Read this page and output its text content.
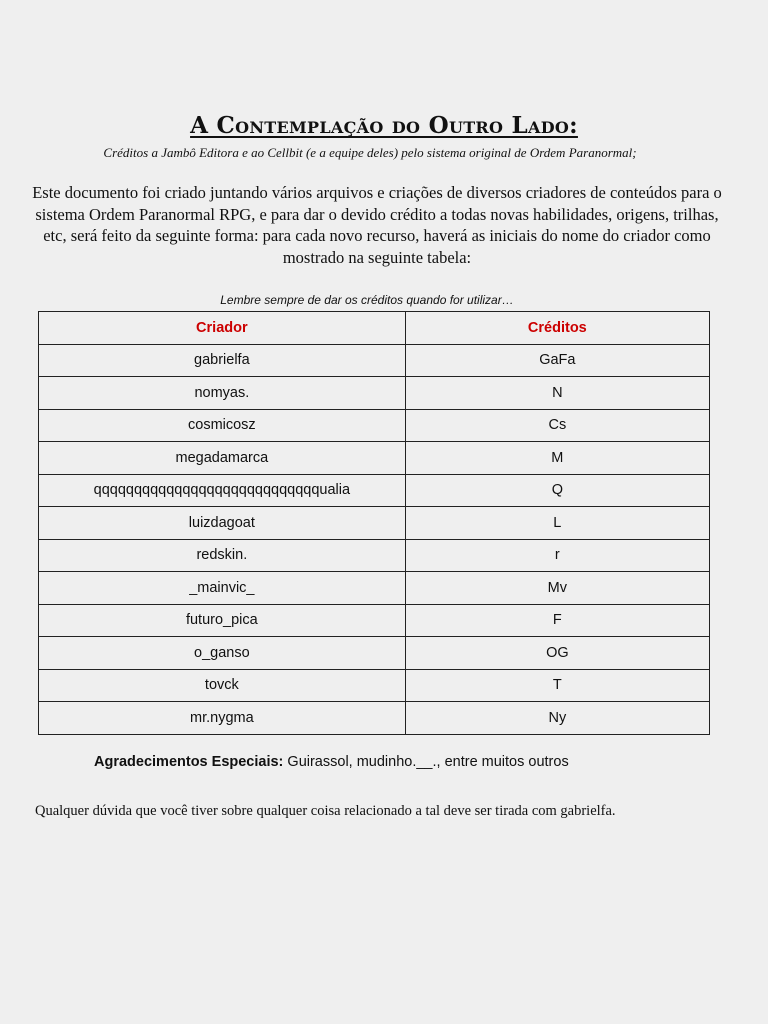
A Contemplação do Outro Lado:
Créditos a Jambô Editora e ao Cellbit (e a equipe deles) pelo sistema original de Ordem Paranormal;
Este documento foi criado juntando vários arquivos e criações de diversos criadores de conteúdos para o sistema Ordem Paranormal RPG, e para dar o devido crédito a todas novas habilidades, origens, trilhas, etc, será feito da seguinte forma: para cada novo recurso, haverá as iniciais do nome do criador como mostrado na seguinte tabela:
Lembre sempre de dar os créditos quando for utilizar…
Criador	Créditos
gabrielfa	GaFa
nomyas.	N
cosmicosz	Cs
megadamarca	M
qqqqqqqqqqqqqqqqqqqqqqqqqqqqualia	Q
luizdagoat	L
redskin.	r
_mainvic_	Mv
futuro_pica	F
o_ganso	OG
tovck	T
mr.nygma	Ny
Agradecimentos Especiais: Guirassol, mudinho.__., entre muitos outros
Qualquer dúvida que você tiver sobre qualquer coisa relacionado a tal deve ser tirada com gabrielfa.
